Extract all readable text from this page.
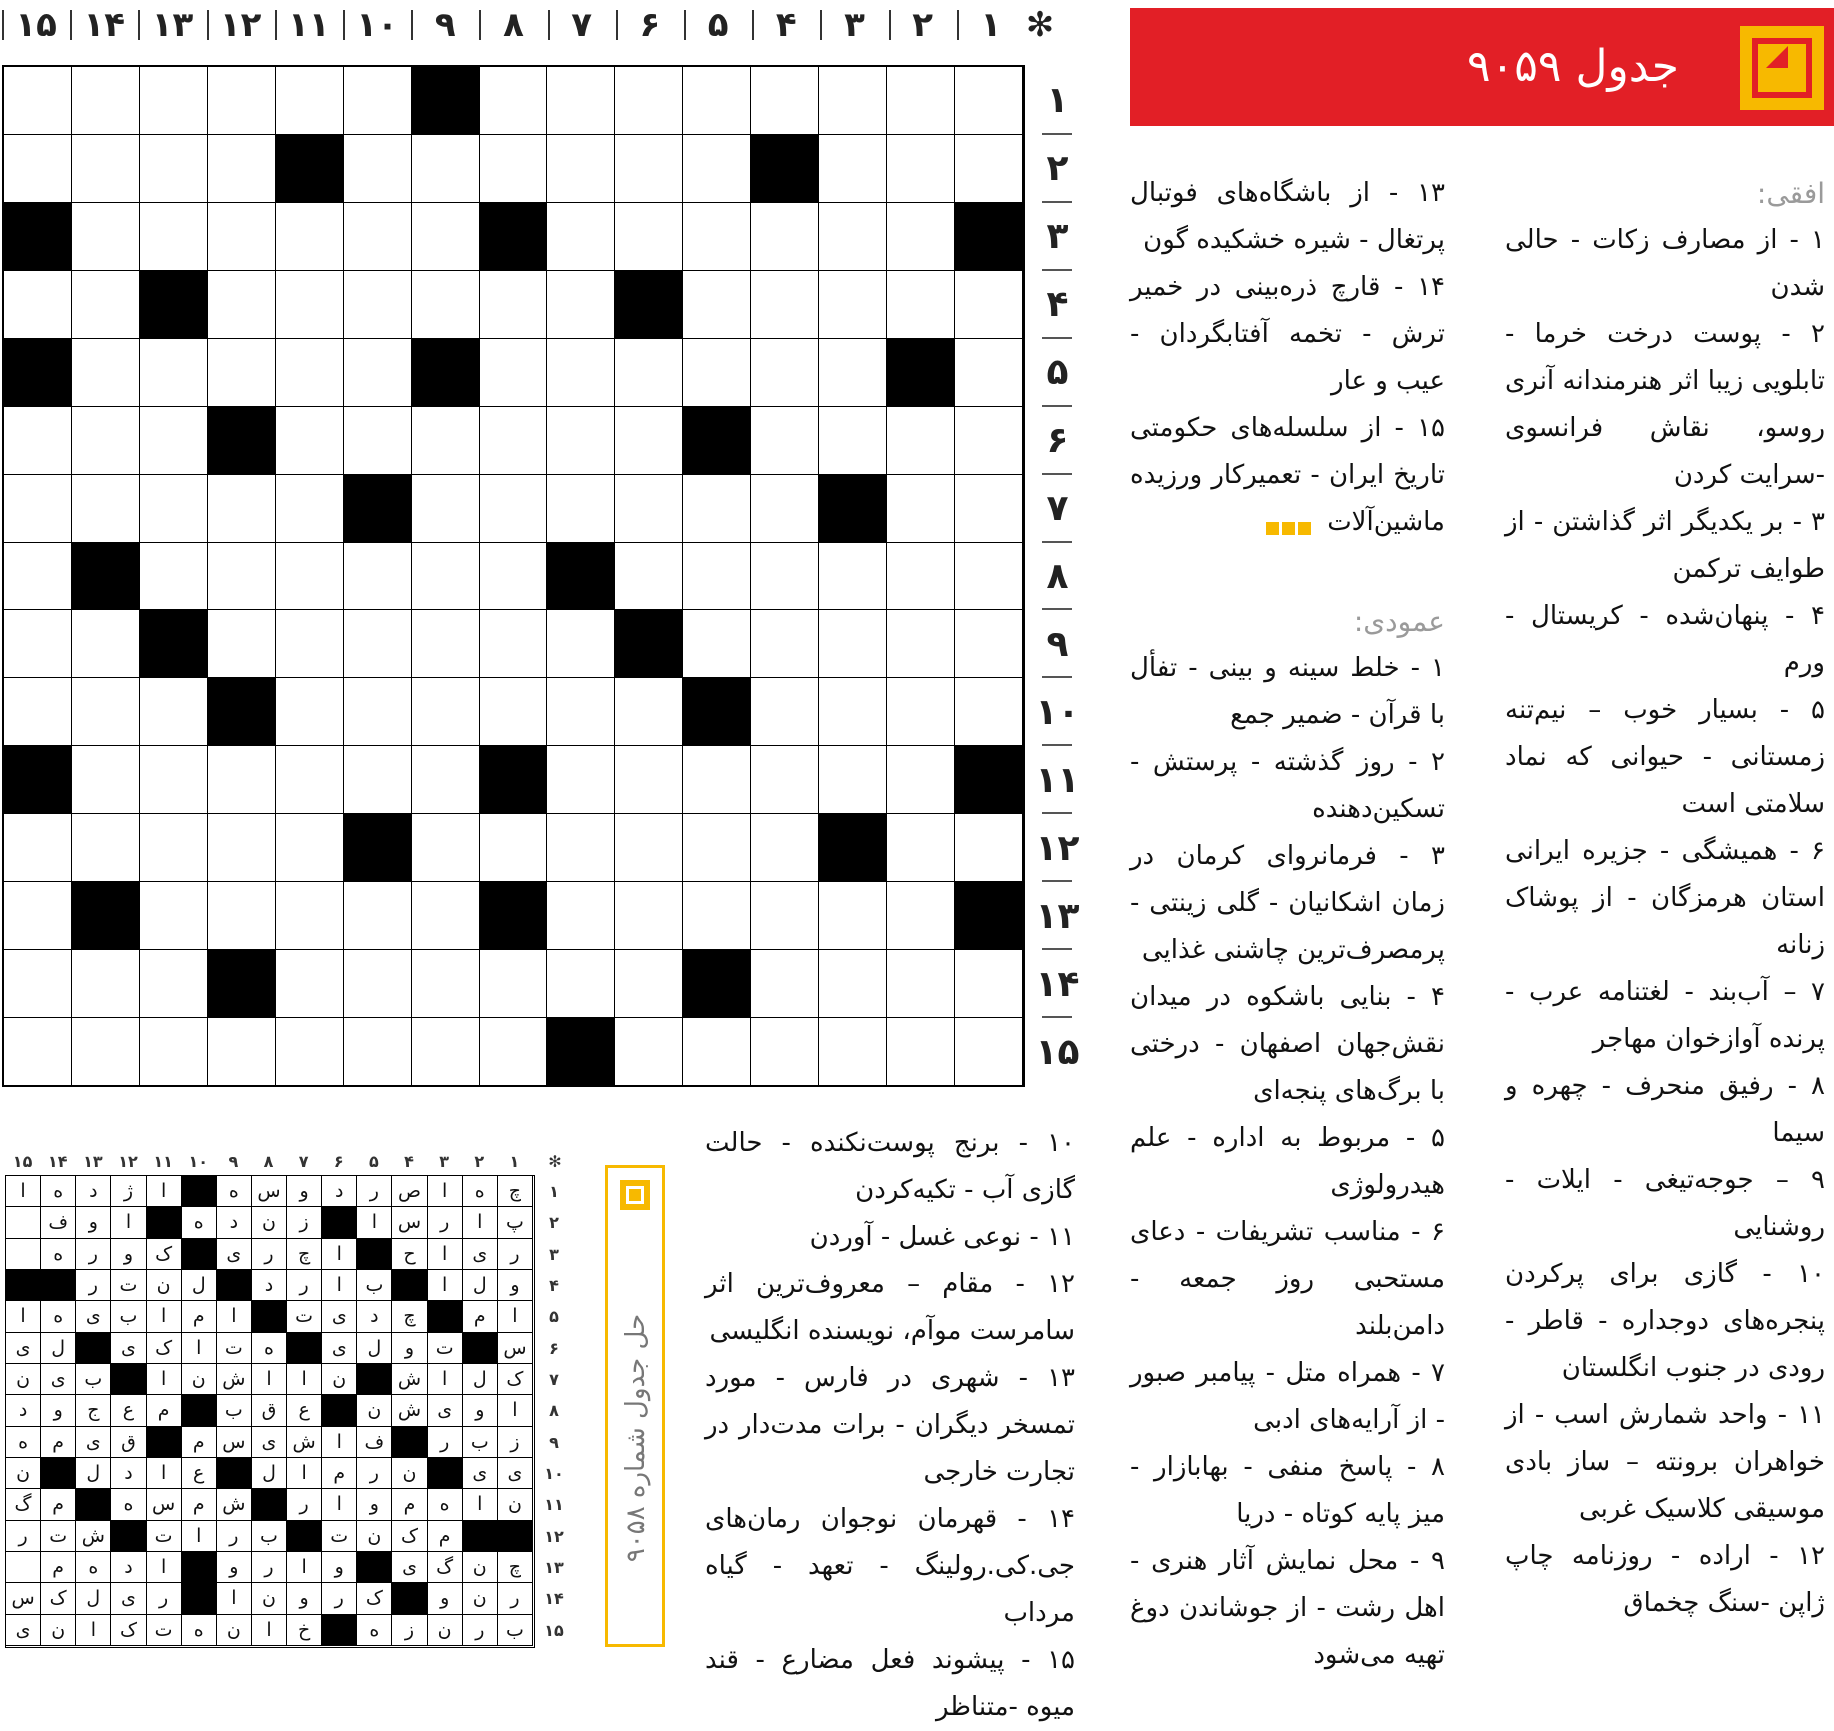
✻
۱
۲
۳
۴
۵
۶
۷
۸
۹
۱۰
۱۱
۱۲
۱۳
۱۴
۱۵
۱
۲
۳
۴
۵
۶
۷
۸
۹
۱۰
۱۱
۱۲
۱۳
۱۴
۱۵
جدول ۹۰۵۹

افقی:

۱ - از مصارف زکات - حالی شدن

۲ - پوست درخت خرما - تابلویی زیبا اثر هنرمندانه آنری روسو، نقاش فرانسوی -سرایت کردن

۳ - بر یکدیگر اثر گذاشتن - از طوایف ترکمن

۴ - پنهان‌شده - کریستال - ورم

۵ - بسیار خوب – نیم‌تنه زمستانی - حیوانی که نماد سلامتی است

۶ - همیشگی - جزیره ایرانی استان هرمزگان - از پوشاک زنانه

۷ – آب‌بند - لغتنامه عرب - پرنده آوازخوان مهاجر

۸ - رفیق منحرف - چهره و سیما

۹ – جوجه‌تیغی - ایلات - روشنایی

۱۰ - گازی برای پرکردن پنجره‌های دوجداره - قاطر - رودی در جنوب انگلستان

۱۱ - واحد شمارش اسب - از خواهران برونته – ساز بادی موسیقی کلاسیک غربی

۱۲ - اراده - روزنامه چاپ ژاپن -سنگ چخماق

۱۳ - از باشگاه‌های فوتبال پرتغال - شیره خشکیده گون

۱۴ - قارچ ذره‌بینی در خمیر ترش - تخمه آفتابگردان - عیب و عار

۱۵ - از سلسله‌های حکومتی تاریخ ایران - تعمیرکار ورزیده ماشین‌آلات

عمودی:

۱ - خلط سینه و بینی - تفأل با قرآن - ضمیر جمع

۲ - روز گذشته - پرستش - تسکین‌دهنده

۳ - فرمانروای کرمان در زمان اشکانیان - گلی زینتی - پرمصرف‌ترین چاشنی غذایی

۴ - بنایی باشکوه در میدان نقش‌جهان اصفهان - درختی با برگ‌های پنجه‌ای

۵ - مربوط به اداره - علم هیدرولوژی

۶ - مناسب تشریفات - دعای مستحبی روز جمعه - دامن‌بلند

۷ - همراه متل - پیامبر صبور - از آرایه‌های ادبی

۸ - پاسخ منفی - بهابازار - میز پایه کوتاه - دریا

۹ - محل نمایش آثار هنری - اهل رشت - از جوشاندن دوغ تهیه می‌شود

۱۰ - برنج پوست‌نکنده - حالت گازی آب - تکیه‌کردن

۱۱ - نوعی غسل - آوردن

۱۲ - مقام – معروف‌ترین اثر سامرست موآم، نویسنده انگلیسی

۱۳ - شهری در فارس - مورد تمسخر دیگران - برات مدت‌دار در تجارت خارجی

۱۴ - قهرمان نوجوان رمان‌های جی.کی.رولینگ - تعهد - گیاه مرداب

۱۵ - پیشوند فعل مضارع - قند میوه -متناظر

حل جدول شماره ۹۰۵۸
✻
۱
۲
۳
۴
۵
۶
۷
۸
۹
۱۰
۱۱
۱۲
۱۳
۱۴
۱۵
چ
ه
ا
ص
ر
د
و
س
ه
ا
ژ
د
ه
ا
پ
ا
ر
س
ا
ز
ن
د
ه
ا
و
ف
ر
ی
ا
ح
ا
چ
ر
ی
ک
و
ر
ه
و
ل
ا
ب
ا
ر
د
ل
ن
ت
ر
ا
م
چ
د
ی
ت
ا
م
ا
ب
ی
ه
ا
س
ت
و
ل
ی
ه
ت
ا
ک
ی
ل
ی
ک
ل
ا
ش
ن
ا
ا
ش
ن
ا
ب
ی
ن
ا
و
ی
ش
ن
ع
ق
ب
م
ع
ج
و
د
ز
ب
ر
ف
ا
ش
ی
س
م
ق
ی
م
ه
ی
ی
ن
ر
م
ا
ل
ع
ا
د
ل
ن
ن
ا
ه
م
و
ا
ر
ش
م
س
ه
م
گ
م
ک
ن
ت
ب
ر
ا
ت
ش
ت
ر
چ
ن
گ
ی
و
ا
ر
و
ا
د
ه
م
ر
ن
و
ک
ر
و
ن
ا
ر
ی
ل
ک
س
ب
ر
ن
ز
ه
خ
ا
ن
ه
ت
ک
ا
ن
ی
۱
۲
۳
۴
۵
۶
۷
۸
۹
۱۰
۱۱
۱۲
۱۳
۱۴
۱۵
